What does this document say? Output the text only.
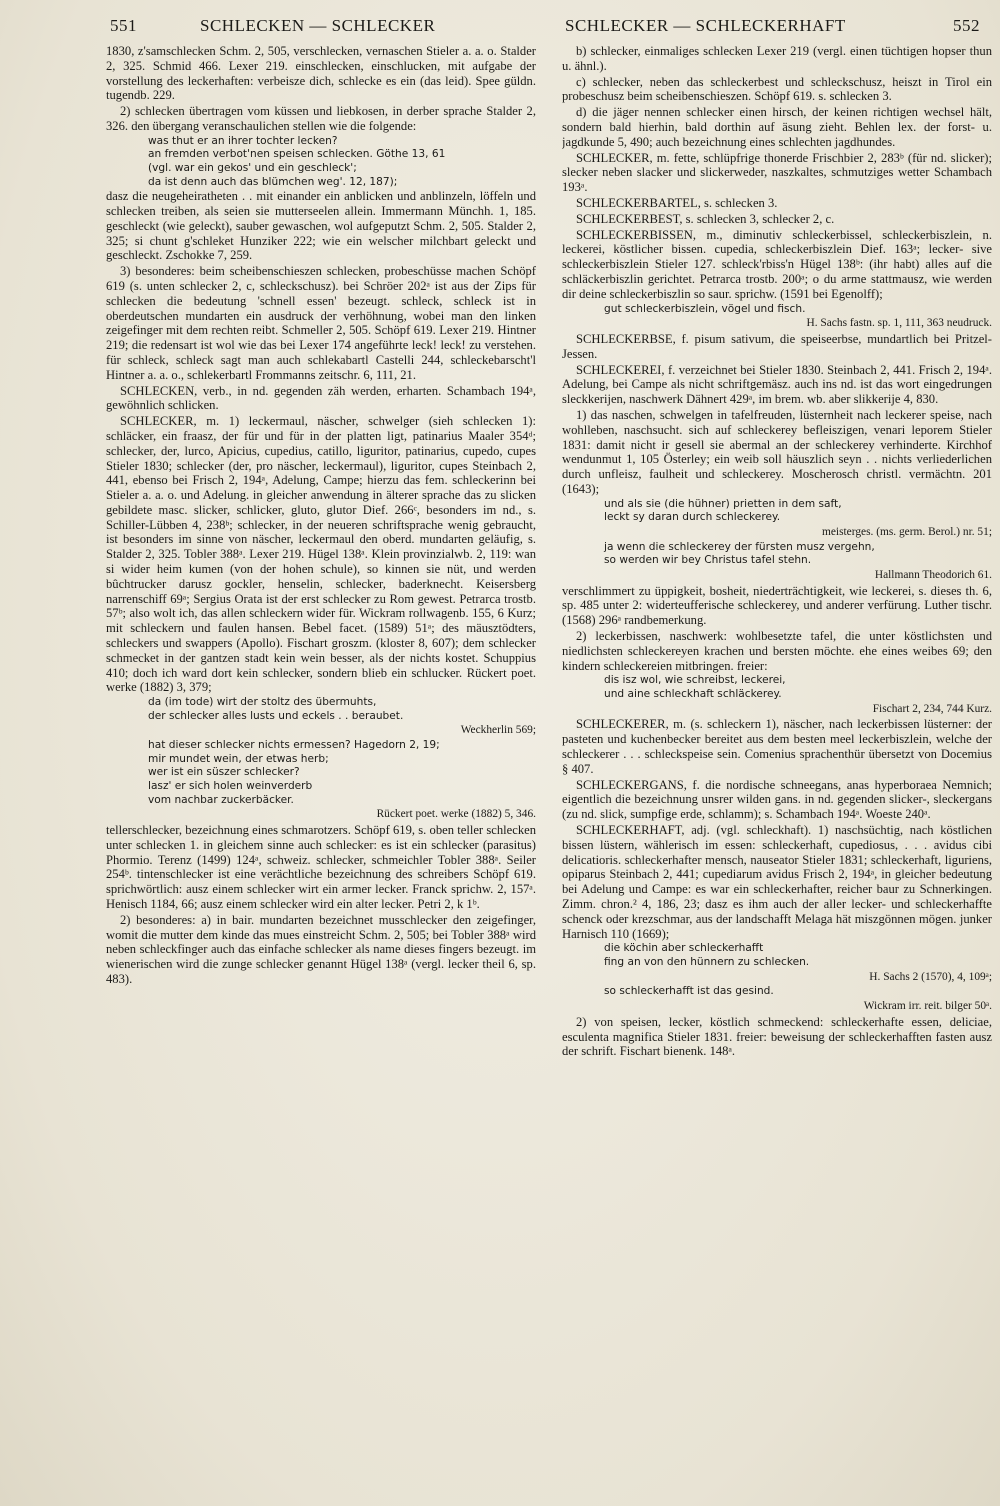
551	SCHLECKEN — SCHLECKER	SCHLECKER — SCHLECKERHAFT	552

1830, z'samschlecken Schm. 2, 505, verschlecken, vernaschen Stieler a. a. o. Stalder 2, 325. Schmid 466. Lexer 219. einschlecken, einschlucken, mit aufgabe der vorstellung des leckerhaften: verbeisze dich, schlecke es ein (das leid). Spee güldn. tugendb. 229.

2) schlecken übertragen vom küssen und liebkosen, in derber sprache Stalder 2, 326. den übergang veranschaulichen stellen wie die folgende:

was thut er an ihrer tochter lecken?

an fremden verbot'nen speisen schlecken. Göthe 13, 61

(vgl. war ein gekos' und ein geschleck';

da ist denn auch das blümchen weg'. 12, 187);

dasz die neugeheiratheten . . mit einander ein anblicken und anblinzeln, löffeln und schlecken treiben, als seien sie mutterseelen allein. Immermann Münchh. 1, 185. geschleckt (wie geleckt), sauber gewaschen, wol aufgeputzt Schm. 2, 505. Stalder 2, 325; si chunt g'schleket Hunziker 222; wie ein welscher milchbart geleckt und geschleckt. Zschokke 7, 259.

3) besonderes: beim scheibenschieszen schlecken, probeschüsse machen Schöpf 619 (s. unten schlecker 2, c, schleckschusz). bei Schröer 202ᵃ ist aus der Zips für schlecken die bedeutung 'schnell essen' bezeugt. schleck, schleck ist in oberdeutschen mundarten ein ausdruck der verhöhnung, wobei man den linken zeigefinger mit dem rechten reibt. Schmeller 2, 505. Schöpf 619. Lexer 219. Hintner 219; die redensart ist wol wie das bei Lexer 174 angeführte leck! leck! zu verstehen. für schleck, schleck sagt man auch schlekabartl Castelli 244, schleckebarscht'l Hintner a. a. o., schlekerbartl Frommanns zeitschr. 6, 111, 21.

SCHLECKEN, verb., in nd. gegenden zäh werden, erharten. Schambach 194ᵃ, gewöhnlich schlicken.

SCHLECKER, m. 1) leckermaul, näscher, schwelger (sieh schlecken 1): schläcker, ein fraasz, der für und für in der platten ligt, patinarius Maaler 354ᵈ; schlecker, der, lurco, Apicius, cupedius, catillo, liguritor, patinarius, cupedo, cupes Stieler 1830; schlecker (der, pro näscher, leckermaul), liguritor, cupes Steinbach 2, 441, ebenso bei Frisch 2, 194ᵃ, Adelung, Campe; hierzu das fem. schleckerinn bei Stieler a. a. o. und Adelung. in gleicher anwendung in älterer sprache das zu slicken gebildete masc. slicker, schlicker, gluto, glutor Dief. 266ᶜ, besonders im nd., s. Schiller-Lübben 4, 238ᵇ; schlecker, in der neueren schriftsprache wenig gebraucht, ist besonders im sinne von näscher, leckermaul den oberd. mundarten geläufig, s. Stalder 2, 325. Tobler 388ᵃ. Lexer 219. Hügel 138ᵃ. Klein provinzialwb. 2, 119: wan si wider heim kumen (von der hohen schule), so kinnen sie nüt, und werden bûchtrucker darusz gockler, henselin, schlecker, baderknecht. Keisersberg narrenschiff 69ᵃ; Sergius Orata ist der erst schlecker zu Rom gewest. Petrarca trostb. 57ᵇ; also wolt ich, das allen schleckern wider für. Wickram rollwagenb. 155, 6 Kurz; mit schleckern und faulen hansen. Bebel facet. (1589) 51ᵃ; des mäusztödters, schleckers und swappers (Apollo). Fischart groszm. (kloster 8, 607); dem schlecker schmecket in der gantzen stadt kein wein besser, als der nichts kostet. Schuppius 410; doch ich ward dort kein schlecker, sondern blieb ein schlucker. Rückert poet. werke (1882) 3, 379;

da (im tode) wirt der stoltz des übermuhts,

der schlecker alles lusts und eckels . . beraubet.

Weckherlin 569;

hat dieser schlecker nichts ermessen? Hagedorn 2, 19;

mir mundet wein, der etwas herb;

wer ist ein süszer schlecker?

lasz' er sich holen weinverderb

vom nachbar zuckerbäcker.

Rückert poet. werke (1882) 5, 346.

tellerschlecker, bezeichnung eines schmarotzers. Schöpf 619, s. oben teller schlecken unter schlecken 1. in gleichem sinne auch schlecker: es ist ein schlecker (parasitus) Phormio. Terenz (1499) 124ᵃ, schweiz. schlecker, schmeichler Tobler 388ᵃ. Seiler 254ᵇ. tintenschlecker ist eine verächtliche bezeichnung des schreibers Schöpf 619. sprichwörtlich: ausz einem schlecker wirt ein armer lecker. Franck sprichw. 2, 157ᵃ. Henisch 1184, 66; ausz einem schlecker wird ein alter lecker. Petri 2, k 1ᵇ.

2) besonderes: a) in bair. mundarten bezeichnet musschlecker den zeigefinger, womit die mutter dem kinde das mues einstreicht Schm. 2, 505; bei Tobler 388ᵃ wird neben schleckfinger auch das einfache schlecker als name dieses fingers bezeugt. im wienerischen wird die zunge schlecker genannt Hügel 138ᵃ (vergl. lecker theil 6, sp. 483).

b) schlecker, einmaliges schlecken Lexer 219 (vergl. einen tüchtigen hopser thun u. ähnl.).

c) schlecker, neben das schleckerbest und schleckschusz, heiszt in Tirol ein probeschusz beim scheibenschieszen. Schöpf 619. s. schlecken 3.

d) die jäger nennen schlecker einen hirsch, der keinen richtigen wechsel hält, sondern bald hierhin, bald dorthin auf äsung zieht. Behlen lex. der forst- u. jagdkunde 5, 490; auch bezeichnung eines schlechten jagdhundes.

SCHLECKER, m. fette, schlüpfrige thonerde Frischbier 2, 283ᵇ (für nd. slicker); slecker neben slacker und slickerweder, naszkaltes, schmutziges wetter Schambach 193ᵃ.

SCHLECKERBARTEL, s. schlecken 3.

SCHLECKERBEST, s. schlecken 3, schlecker 2, c.

SCHLECKERBISSEN, m., diminutiv schleckerbissel, schleckerbiszlein, n. leckerei, köstlicher bissen. cupedia, schleckerbiszlein Dief. 163ᵃ; lecker- sive schleckerbiszlein Stieler 127. schleck'rbiss'n Hügel 138ᵇ: (ihr habt) alles auf die schläckerbiszlin gerichtet. Petrarca trostb. 200ᵃ; o du arme stattmausz, wie werden dir deine schleckerbiszlin so saur. sprichw. (1591 bei Egenolff);

gut schleckerbiszlein, vögel und fisch.

H. Sachs fastn. sp. 1, 111, 363 neudruck.

SCHLECKERBSE, f. pisum sativum, die speiseerbse, mundartlich bei Pritzel-Jessen.

SCHLECKEREI, f. verzeichnet bei Stieler 1830. Steinbach 2, 441. Frisch 2, 194ᵃ. Adelung, bei Campe als nicht schriftgemäsz. auch ins nd. ist das wort eingedrungen sleckkerijen, naschwerk Dähnert 429ᵃ, im brem. wb. aber slikkerije 4, 830.

1) das naschen, schwelgen in tafelfreuden, lüsternheit nach leckerer speise, nach wohlleben, naschsucht. sich auf schleckerey befleiszigen, venari leporem Stieler 1831: damit nicht ir gesell sie abermal an der schleckerey verhinderte. Kirchhof wendunmut 1, 105 Österley; ein weib soll häuszlich seyn . . nichts verliederlichen durch unfleisz, faulheit und schleckerey. Moscherosch christl. vermächtn. 201 (1643);

und als sie (die hühner) prietten in dem saft,

leckt sy daran durch schleckerey.

meisterges. (ms. germ. Berol.) nr. 51;

ja wenn die schleckerey der fürsten musz vergehn,

so werden wir bey Christus tafel stehn.

Hallmann Theodorich 61.

verschlimmert zu üppigkeit, bosheit, niederträchtigkeit, wie leckerei, s. dieses th. 6, sp. 485 unter 2: widerteufferische schleckerey, und anderer verfürung. Luther tischr. (1568) 296ᵃ randbemerkung.

2) leckerbissen, naschwerk: wohlbesetzte tafel, die unter köstlichsten und niedlichsten schleckereyen krachen und bersten möchte. ehe eines weibes 69; den kindern schleckereien mitbringen. freier:

dis isz wol, wie schreibst, leckerei,

und aine schleckhaft schläckerey.

Fischart 2, 234, 744 Kurz.

SCHLECKERER, m. (s. schleckern 1), näscher, nach leckerbissen lüsterner: der pasteten und kuchenbecker bereitet aus dem besten meel leckerbiszlein, welche der schleckerer . . . schleckspeise sein. Comenius sprachenthür übersetzt von Docemius § 407.

SCHLECKERGANS, f. die nordische schneegans, anas hyperboraea Nemnich; eigentlich die bezeichnung unsrer wilden gans. in nd. gegenden slicker-, sleckergans (zu nd. slick, sumpfige erde, schlamm); s. Schambach 194ᵃ. Woeste 240ᵃ.

SCHLECKERHAFT, adj. (vgl. schleckhaft). 1) naschsüchtig, nach köstlichen bissen lüstern, wählerisch im essen: schleckerhaft, cupediosus, . . . avidus cibi delicatioris. schleckerhafter mensch, nauseator Stieler 1831; schleckerhaft, liguriens, opiparus Steinbach 2, 441; cupediarum avidus Frisch 2, 194ᵃ, in gleicher bedeutung bei Adelung und Campe: es war ein schleckerhafter, reicher baur zu Schnerkingen. Zimm. chron.² 4, 186, 23; dasz es ihm auch der aller lecker- und schleckerhaffte schenck oder krezschmar, aus der landschafft Melaga hät miszgönnen mögen. junker Harnisch 110 (1669);

die köchin aber schleckerhafft

fing an von den hünnern zu schlecken.

H. Sachs 2 (1570), 4, 109ᵃ;

so schleckerhafft ist das gesind.

Wickram irr. reit. bilger 50ᵃ.

2) von speisen, lecker, köstlich schmeckend: schleckerhafte essen, deliciae, esculenta magnifica Stieler 1831. freier: beweisung der schleckerhafften fasten ausz der schrift. Fischart bienenk. 148ᵃ.
